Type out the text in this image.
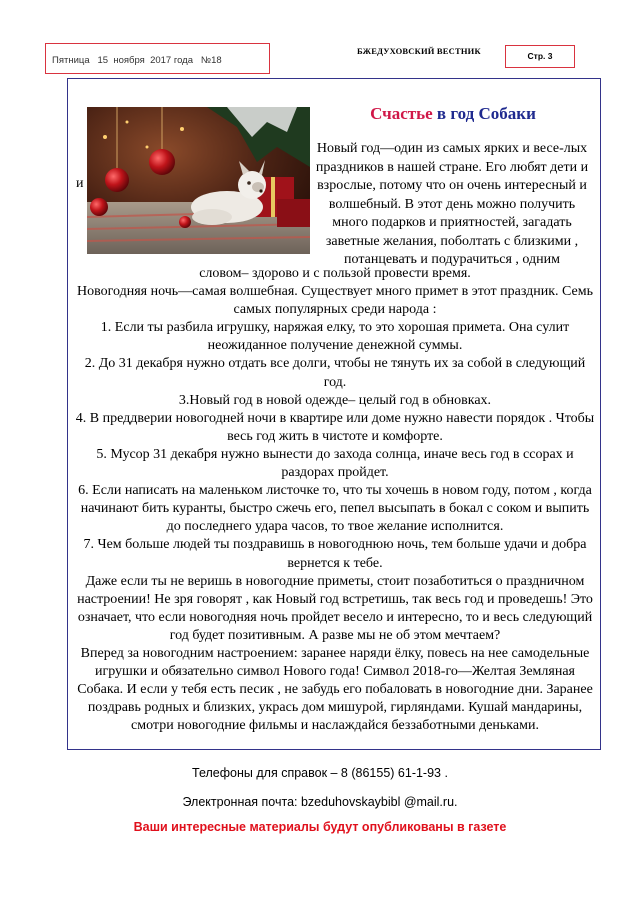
Пятница   15  ноября  2017 года   №18
БЖЕДУХОВСКИЙ ВЕСТНИК	Стр. 3
и
Счастье в год Собаки

Новый год—один из самых ярких и весе-лых праздников в нашей стране. Его любят дети и взрослые, потому что он очень интересный и волшебный. В этот день можно получить много подарков и приятностей, загадать заветные желания, поболтать с близкими , потанцевать и подурачиться , одним

словом– здорово и с пользой провести время.

Новогодняя ночь—самая волшебная. Существует много примет в этот праздник. Семь самых популярных среди народа :

1. Если ты разбила игрушку, наряжая елку, то это хорошая примета. Она сулит неожиданное получение денежной суммы.

2. До 31 декабря нужно отдать все долги, чтобы не тянуть их за собой в следующий год.

3.Новый год в новой одежде– целый год в обновках.

4. В преддверии новогодней ночи в квартире или доме нужно навести порядок . Чтобы весь год жить в чистоте и комфорте.

5. Мусор 31 декабря нужно вынести до захода солнца, иначе весь год в ссорах и раздорах пройдет.

6. Если написать на маленьком листочке то, что ты хочешь в новом году, потом , когда начинают бить куранты, быстро сжечь его, пепел высыпать в бокал с соком и выпить до последнего удара часов, то твое желание исполнится.

7. Чем больше людей ты поздравишь в новогоднюю ночь, тем больше удачи и добра вернется к тебе.

Даже если ты не веришь в новогодние приметы, стоит позаботиться о праздничном настроении! Не зря говорят , как Новый год встретишь, так весь год и проведешь! Это означает, что если новогодняя ночь пройдет весело и интересно, то и весь следующий год будет позитивным. А разве мы не об этом мечтаем?

Вперед за новогодним настроением: заранее наряди ёлку, повесь на нее самодельные игрушки и обязательно символ Нового года! Символ 2018-го—Желтая Земляная Собака. И если у тебя есть песик , не забудь его побаловать в новогодние дни. Заранее поздравь родных и близких, укрась дом мишурой, гирляндами. Кушай мандарины, смотри новогодние фильмы и наслаждайся беззаботными деньками.

Телефоны для справок – 8 (86155) 61-1-93 .
Электронная почта: bzeduhovskaybibl @mail.ru.
Ваши интересные материалы будут опубликованы в газете
